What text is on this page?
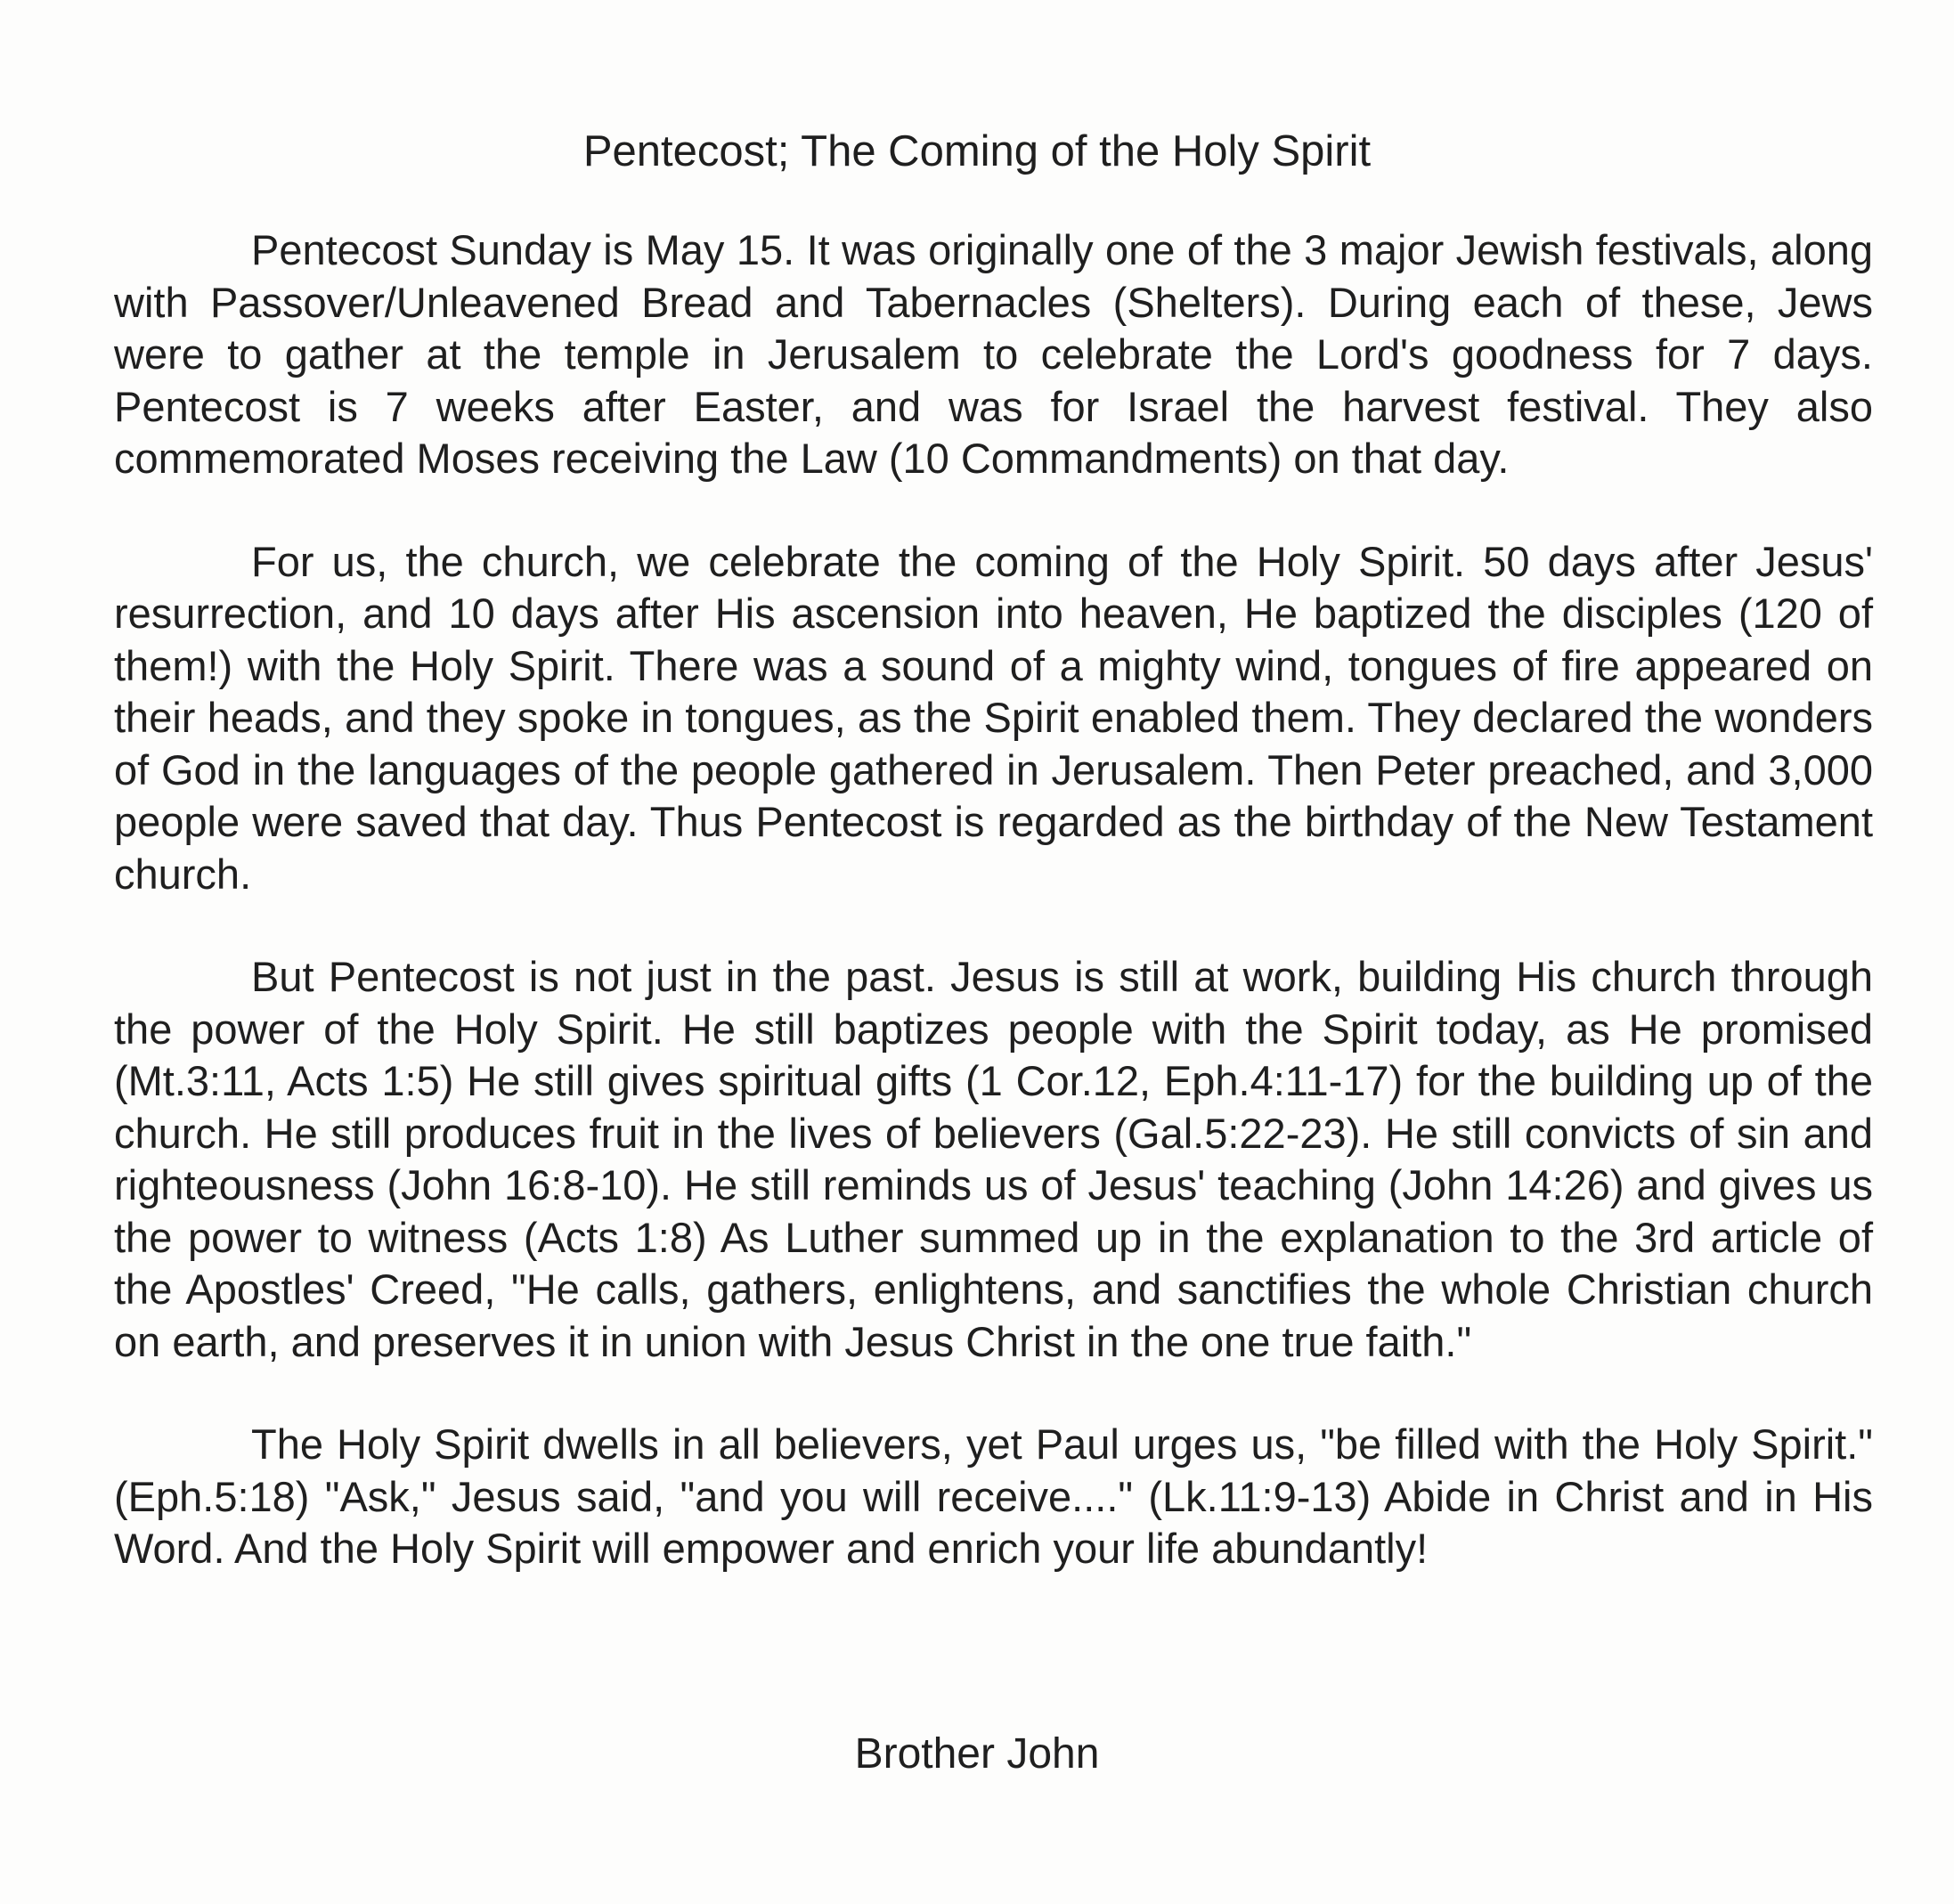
Pentecost; The Coming of the Holy Spirit

Pentecost Sunday is May 15. It was originally one of the 3 major Jewish festivals, along with Passover/Unleavened Bread and Tabernacles (Shelters). During each of these, Jews were to gather at the temple in Jerusalem to celebrate the Lord's goodness for 7 days. Pentecost is 7 weeks after Easter, and was for Israel the harvest festival. They also commemorated Moses receiving the Law (10 Commandments) on that day.

For us, the church, we celebrate the coming of the Holy Spirit. 50 days after Jesus' resurrection, and 10 days after His ascension into heaven, He baptized the disciples (120 of them!) with the Holy Spirit. There was a sound of a mighty wind, tongues of fire appeared on their heads, and they spoke in tongues, as the Spirit enabled them. They declared the wonders of God in the languages of the people gathered in Jerusalem. Then Peter preached, and 3,000 people were saved that day. Thus Pentecost is regarded as the birthday of the New Testament church.

But Pentecost is not just in the past. Jesus is still at work, building His church through the power of the Holy Spirit. He still baptizes people with the Spirit today, as He promised (Mt.3:11, Acts 1:5) He still gives spiritual gifts (1 Cor.12, Eph.4:11-17) for the building up of the church. He still produces fruit in the lives of believers (Gal.5:22-23). He still convicts of sin and righteousness (John 16:8-10). He still reminds us of Jesus' teaching (John 14:26) and gives us the power to witness (Acts 1:8) As Luther summed up in the explanation to the 3rd article of the Apostles' Creed, "He calls, gathers, enlightens, and sanctifies the whole Christian church on earth, and preserves it in union with Jesus Christ in the one true faith."

The Holy Spirit dwells in all believers, yet Paul urges us, "be filled with the Holy Spirit." (Eph.5:18) "Ask," Jesus said, "and you will receive...." (Lk.11:9-13) Abide in Christ and in His Word. And the Holy Spirit will empower and enrich your life abundantly!

Brother John
